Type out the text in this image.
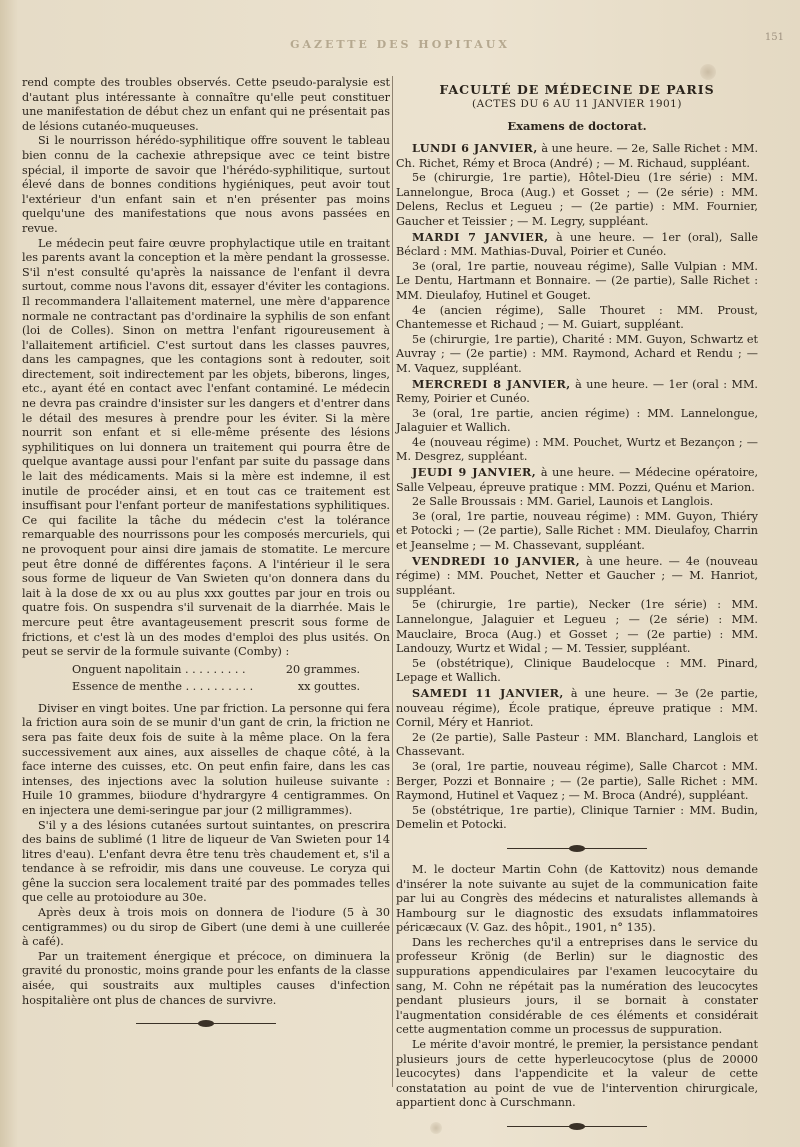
GAZETTE DES HOPITAUX
151

rend compte des troubles observés. Cette pseudo-paralysie est d'autant plus intéressante à connaître qu'elle peut constituer une manifestation de début chez un enfant qui ne présentait pas de lésions cutanéo-muqueuses.

Si le nourrisson hérédo-syphilitique offre souvent le tableau bien connu de la cachexie athrepsique avec ce teint bistre spécial, il importe de savoir que l'hérédo-syphilitique, surtout élevé dans de bonnes conditions hygiéniques, peut avoir tout l'extérieur d'un enfant sain et n'en présenter pas moins quelqu'une des manifestations que nous avons passées en revue.

Le médecin peut faire œuvre prophylactique utile en traitant les parents avant la conception et la mère pendant la grossesse. S'il n'est consulté qu'après la naissance de l'enfant il devra surtout, comme nous l'avons dit, essayer d'éviter les contagions. Il recommandera l'allaitement maternel, une mère d'apparence normale ne contractant pas d'ordinaire la syphilis de son enfant (loi de Colles). Sinon on mettra l'enfant rigoureusement à l'allaitement artificiel. C'est surtout dans les classes pauvres, dans les campagnes, que les contagions sont à redouter, soit directement, soit indirectement par les objets, biberons, linges, etc., ayant été en contact avec l'enfant contaminé. Le médecin ne devra pas craindre d'insister sur les dangers et d'entrer dans le détail des mesures à prendre pour les éviter. Si la mère nourrit son enfant et si elle-même présente des lésions syphilitiques on lui donnera un traitement qui pourra être de quelque avantage aussi pour l'enfant par suite du passage dans le lait des médicaments. Mais si la mère est indemne, il est inutile de procéder ainsi, et en tout cas ce traitement est insuffisant pour l'enfant porteur de manifestations syphilitiques. Ce qui facilite la tâche du médecin c'est la tolérance remarquable des nourrissons pour les composés mercuriels, qui ne provoquent pour ainsi dire jamais de stomatite. Le mercure peut être donné de différentes façons. A l'intérieur il le sera sous forme de liqueur de Van Swieten qu'on donnera dans du lait à la dose de xx ou au plus xxx gouttes par jour en trois ou quatre fois. On suspendra s'il survenait de la diarrhée. Mais le mercure peut être avantageusement prescrit sous forme de frictions, et c'est là un des modes d'emploi des plus usités. On peut se servir de la formule suivante (Comby) :

Onguent napolitain . . . . . . . . .	20 grammes.
Essence de menthe . . . . . . . . . .	xx gouttes.

Diviser en vingt boites. Une par friction. La personne qui fera la friction aura soin de se munir d'un gant de crin, la friction ne sera pas faite deux fois de suite à la même place. On la fera successivement aux aines, aux aisselles de chaque côté, à la face interne des cuisses, etc. On peut enfin faire, dans les cas intenses, des injections avec la solution huileuse suivante : Huile 10 grammes, biiodure d'hydrargyre 4 centigrammes. On en injectera une demi-seringue par jour (2 milligrammes).

S'il y a des lésions cutanées surtout suintantes, on prescrira des bains de sublimé (1 litre de liqueur de Van Swieten pour 14 litres d'eau). L'enfant devra être tenu très chaudement et, s'il a tendance à se refroidir, mis dans une couveuse. Le coryza qui gêne la succion sera localement traité par des pommades telles que celle au protoiodure au 30e.

Après deux à trois mois on donnera de l'iodure (5 à 30 centigrammes) ou du sirop de Gibert (une demi à une cuillerée à café).

Par un traitement énergique et précoce, on diminuera la gravité du pronostic, moins grande pour les enfants de la classe aisée, qui soustraits aux multiples causes d'infection hospitalière ont plus de chances de survivre.

FACULTÉ DE MÉDECINE DE PARIS
(ACTES DU 6 AU 11 JANVIER 1901)
Examens de doctorat.

LUNDI 6 JANVIER, à une heure. — 2e, Salle Richet : MM. Ch. Richet, Rémy et Broca (André) ; — M. Richaud, suppléant.

5e (chirurgie, 1re partie), Hôtel-Dieu (1re série) : MM. Lannelongue, Broca (Aug.) et Gosset ; — (2e série) : MM. Delens, Reclus et Legueu ; — (2e partie) : MM. Fournier, Gaucher et Teissier ; — M. Legry, suppléant.

MARDI 7 JANVIER, à une heure. — 1er (oral), Salle Béclard : MM. Mathias-Duval, Poirier et Cunéo.

3e (oral, 1re partie, nouveau régime), Salle Vulpian : MM. Le Dentu, Hartmann et Bonnaire. — (2e partie), Salle Richet : MM. Dieulafoy, Hutinel et Gouget.

4e (ancien régime), Salle Thouret : MM. Proust, Chantemesse et Richaud ; — M. Guiart, suppléant.

5e (chirurgie, 1re partie), Charité : MM. Guyon, Schwartz et Auvray ; — (2e partie) : MM. Raymond, Achard et Rendu ; — M. Vaquez, suppléant.

MERCREDI 8 JANVIER, à une heure. — 1er (oral : MM. Remy, Poirier et Cunéo.

3e (oral, 1re partie, ancien régime) : MM. Lannelongue, Jalaguier et Wallich.

4e (nouveau régime) : MM. Pouchet, Wurtz et Bezançon ; — M. Desgrez, suppléant.

JEUDI 9 JANVIER, à une heure. — Médecine opératoire, Salle Velpeau, épreuve pratique : MM. Pozzi, Quénu et Marion.

2e Salle Broussais : MM. Gariel, Launois et Langlois.

3e (oral, 1re partie, nouveau régime) : MM. Guyon, Thiéry et Potocki ; — (2e partie), Salle Richet : MM. Dieulafoy, Charrin et Jeanselme ; — M. Chassevant, suppléant.

VENDREDI 10 JANVIER, à une heure. — 4e (nouveau régime) : MM. Pouchet, Netter et Gaucher ; — M. Hanriot, suppléant.

5e (chirurgie, 1re partie), Necker (1re série) : MM. Lannelongue, Jalaguier et Legueu ; — (2e série) : MM. Mauclaire, Broca (Aug.) et Gosset ; — (2e partie) : MM. Landouzy, Wurtz et Widal ; — M. Tessier, suppléant.

5e (obstétrique), Clinique Baudelocque : MM. Pinard, Lepage et Wallich.

SAMEDI 11 JANVIER, à une heure. — 3e (2e partie, nouveau régime), École pratique, épreuve pratique : MM. Cornil, Méry et Hanriot.

2e (2e partie), Salle Pasteur : MM. Blanchard, Langlois et Chassevant.

3e (oral, 1re partie, nouveau régime), Salle Charcot : MM. Berger, Pozzi et Bonnaire ; — (2e partie), Salle Richet : MM. Raymond, Hutinel et Vaquez ; — M. Broca (André), suppléant.

5e (obstétrique, 1re partie), Clinique Tarnier : MM. Budin, Demelin et Potocki.

M. le docteur Martin Cohn (de Kattovitz) nous demande d'insérer la note suivante au sujet de la communication faite par lui au Congrès des médecins et naturalistes allemands à Hambourg sur le diagnostic des exsudats inflammatoires péricæcaux (V. Gaz. des hôpit., 1901, n° 135).

Dans les recherches qu'il a entreprises dans le service du professeur Krönig (de Berlin) sur le diagnostic des suppurations appendiculaires par l'examen leucocytaire du sang, M. Cohn ne répétait pas la numération des leucocytes pendant plusieurs jours, il se bornait à constater l'augmentation considérable de ces éléments et considérait cette augmentation comme un processus de suppuration.

Le mérite d'avoir montré, le premier, la persistance pendant plusieurs jours de cette hyperleucocytose (plus de 20000 leucocytes) dans l'appendicite et la valeur de cette constatation au point de vue de l'intervention chirurgicale, appartient donc à Curschmann.
